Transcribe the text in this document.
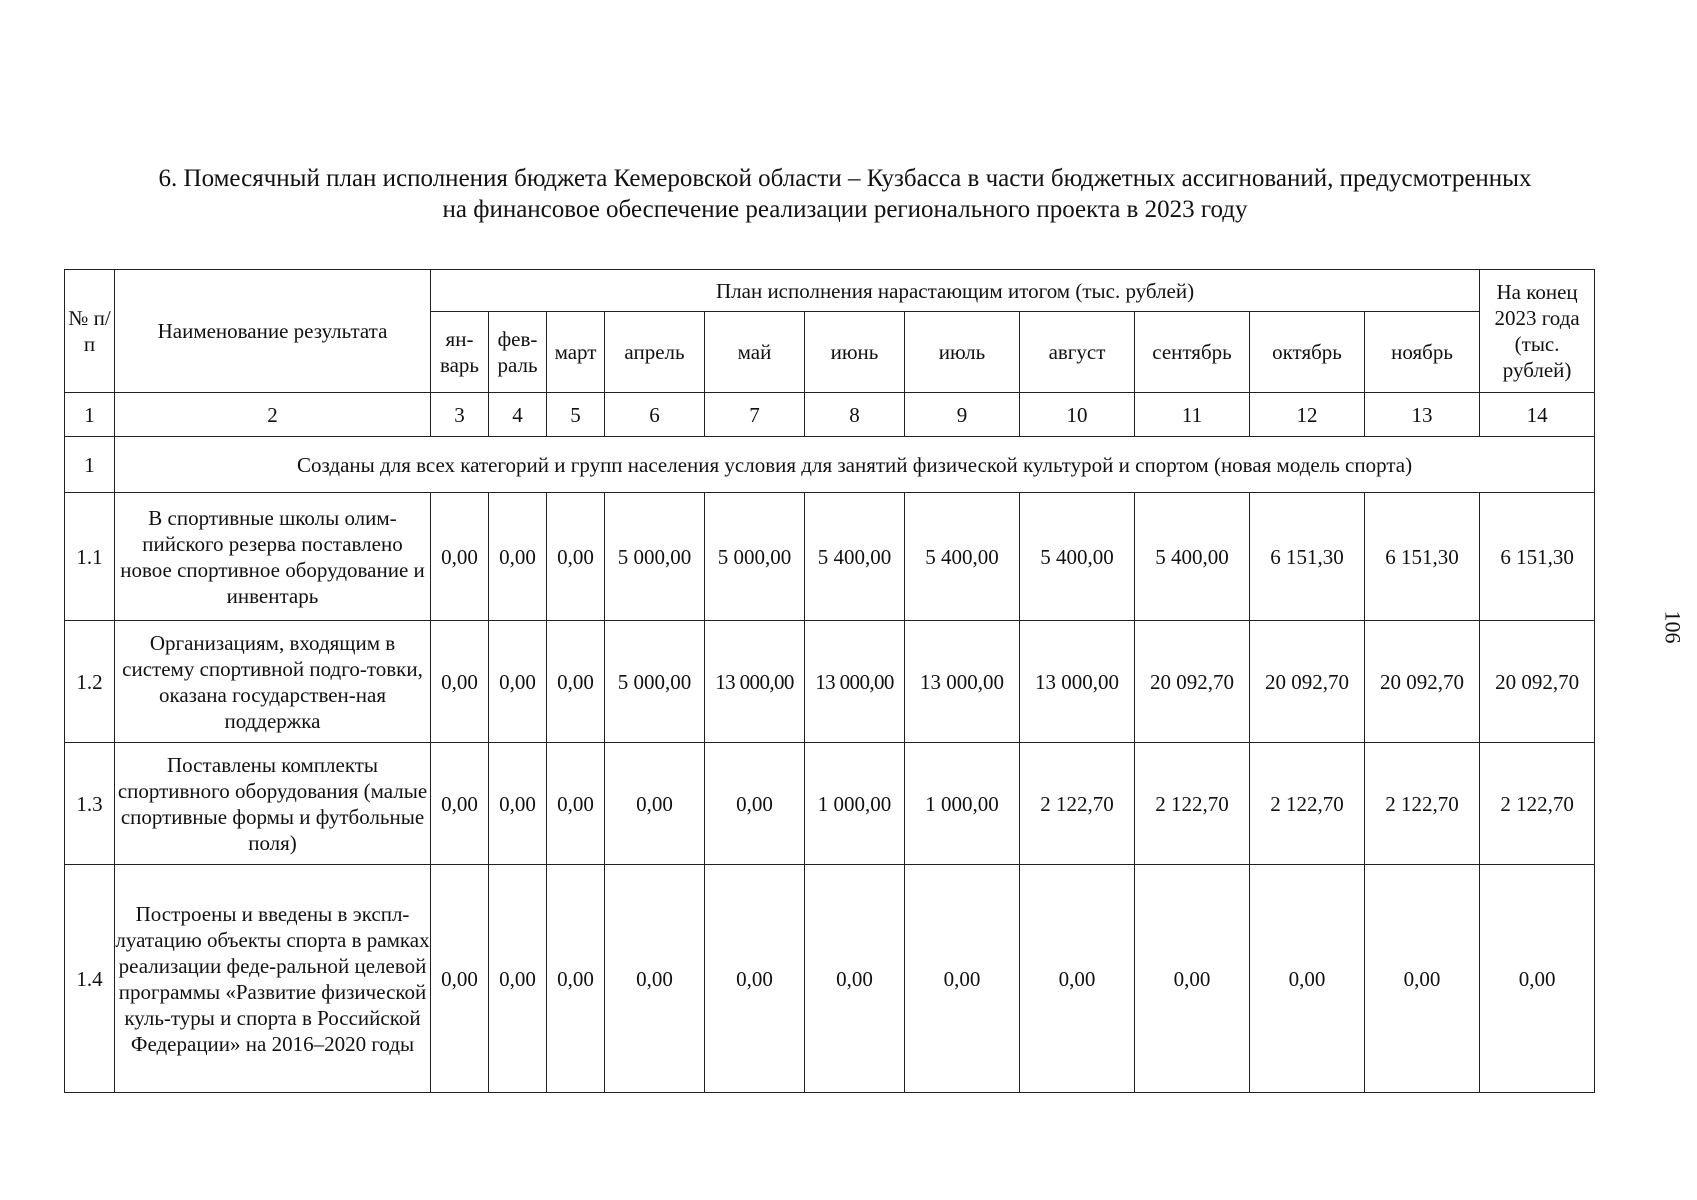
6. Помесячный план исполнения бюджета Кемеровской области – Кузбасса в части бюджетных ассигнований, предусмотренных
на финансовое обеспечение реализации регионального проекта в 2023 году
106
№ п/п	Наименование результата	План исполнения нарастающим итогом (тыс. рублей)											На конец 2023 года (тыс. рублей)
		ян-варь	фев-раль	март	апрель	май	июнь	июль	август	сентябрь	октябрь	ноябрь	
1	2	3	4	5	6	7	8	9	10	11	12	13	14
1	Созданы для всех категорий и групп населения условия для занятий физической культурой и спортом (новая модель спорта)												
1.1	В спортивные школы олим-пийского резерва поставлено новое спортивное оборудование и инвентарь	0,00	0,00	0,00	5 000,00	5 000,00	5 400,00	5 400,00	5 400,00	5 400,00	6 151,30	6 151,30	6 151,30
1.2	Организациям, входящим в систему спортивной подго-товки, оказана государствен-ная поддержка	0,00	0,00	0,00	5 000,00	13 000,00	13 000,00	13 000,00	13 000,00	20 092,70	20 092,70	20 092,70	20 092,70
1.3	Поставлены комплекты спортивного оборудования (малые спортивные формы и футбольные поля)	0,00	0,00	0,00	0,00	0,00	1 000,00	1 000,00	2 122,70	2 122,70	2 122,70	2 122,70	2 122,70
1.4	Построены и введены в экспл-луатацию объекты спорта в рамках реализации феде-ральной целевой программы «Развитие физической куль-туры и спорта в Российской Федерации» на 2016–2020 годы	0,00	0,00	0,00	0,00	0,00	0,00	0,00	0,00	0,00	0,00	0,00	0,00
